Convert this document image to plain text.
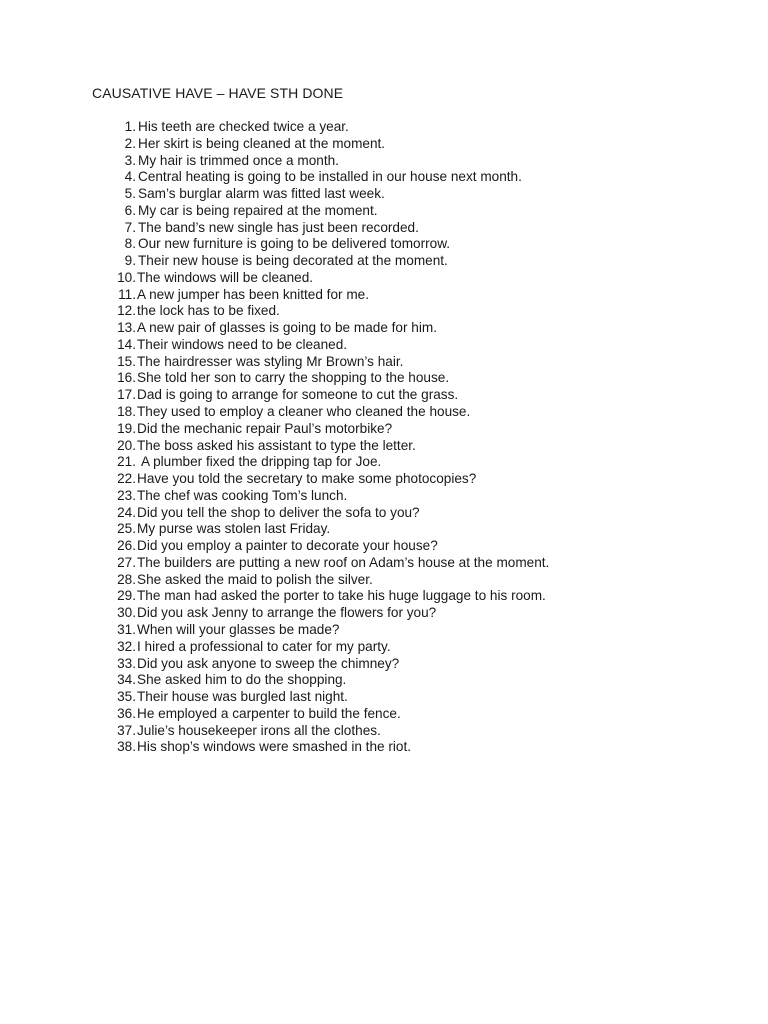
CAUSATIVE HAVE – HAVE STH DONE
1. His teeth are checked twice a year.
2. Her skirt is being cleaned at the moment.
3. My hair is trimmed once a month.
4. Central heating is going to be installed in our house next month.
5. Sam’s burglar alarm was fitted last week.
6. My car is being repaired at the moment.
7. The band’s new single has just been recorded.
8. Our new furniture is going to be delivered tomorrow.
9. Their new house is being decorated at the moment.
10. The windows will be cleaned.
11. A new jumper has been knitted for me.
12. the lock has to be fixed.
13. A new pair of glasses is going to be made for him.
14. Their windows need to be cleaned.
15. The hairdresser was styling Mr Brown’s hair.
16. She told her son to carry the shopping to the house.
17. Dad is going to arrange for someone to cut the grass.
18. They used to employ a cleaner who cleaned the house.
19. Did the mechanic repair Paul’s motorbike?
20. The boss asked his assistant to type the letter.
21. A plumber fixed the dripping tap for Joe.
22. Have you told the secretary to make some photocopies?
23. The chef was cooking Tom’s lunch.
24. Did you tell the shop to deliver the sofa to you?
25. My purse was stolen last Friday.
26. Did you employ a painter to decorate your house?
27. The builders are putting a new roof on Adam’s house at the moment.
28. She asked the maid to polish the silver.
29. The man had asked the porter to take his huge luggage to his room.
30. Did you ask Jenny to arrange the flowers for you?
31. When will your glasses be made?
32. I hired a professional to cater for my party.
33. Did you ask anyone to sweep the chimney?
34. She asked him to do the shopping.
35. Their house was burgled last night.
36. He employed a carpenter to build the fence.
37. Julie’s housekeeper irons all the clothes.
38. His shop’s windows were smashed in the riot.
